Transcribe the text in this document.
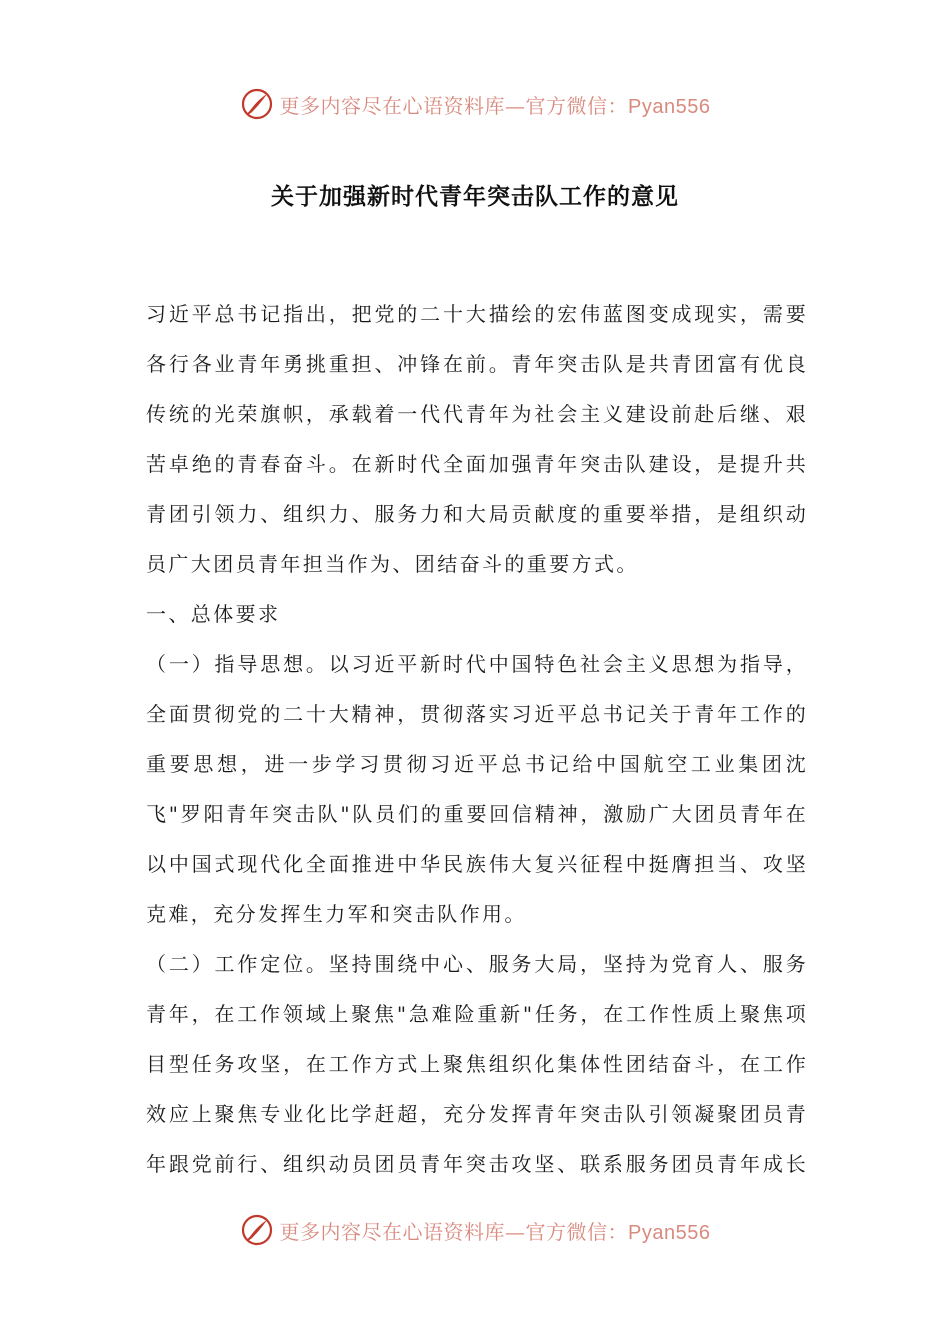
更多内容尽在心语资料库—官方微信：Pyan556
关于加强新时代青年突击队工作的意见
习近平总书记指出，把党的二十大描绘的宏伟蓝图变成现实，需要
各行各业青年勇挑重担、冲锋在前。青年突击队是共青团富有优良
传统的光荣旗帜，承载着一代代青年为社会主义建设前赴后继、艰
苦卓绝的青春奋斗。在新时代全面加强青年突击队建设，是提升共
青团引领力、组织力、服务力和大局贡献度的重要举措，是组织动
员广大团员青年担当作为、团结奋斗的重要方式。
一、总体要求
（一）指导思想。以习近平新时代中国特色社会主义思想为指导，
全面贯彻党的二十大精神，贯彻落实习近平总书记关于青年工作的
重要思想，进一步学习贯彻习近平总书记给中国航空工业集团沈
飞"罗阳青年突击队"队员们的重要回信精神，激励广大团员青年在
以中国式现代化全面推进中华民族伟大复兴征程中挺膺担当、攻坚
克难，充分发挥生力军和突击队作用。
（二）工作定位。坚持围绕中心、服务大局，坚持为党育人、服务
青年，在工作领域上聚焦"急难险重新"任务，在工作性质上聚焦项
目型任务攻坚，在工作方式上聚焦组织化集体性团结奋斗，在工作
效应上聚焦专业化比学赶超，充分发挥青年突击队引领凝聚团员青
年跟党前行、组织动员团员青年突击攻坚、联系服务团员青年成长
更多内容尽在心语资料库—官方微信：Pyan556
